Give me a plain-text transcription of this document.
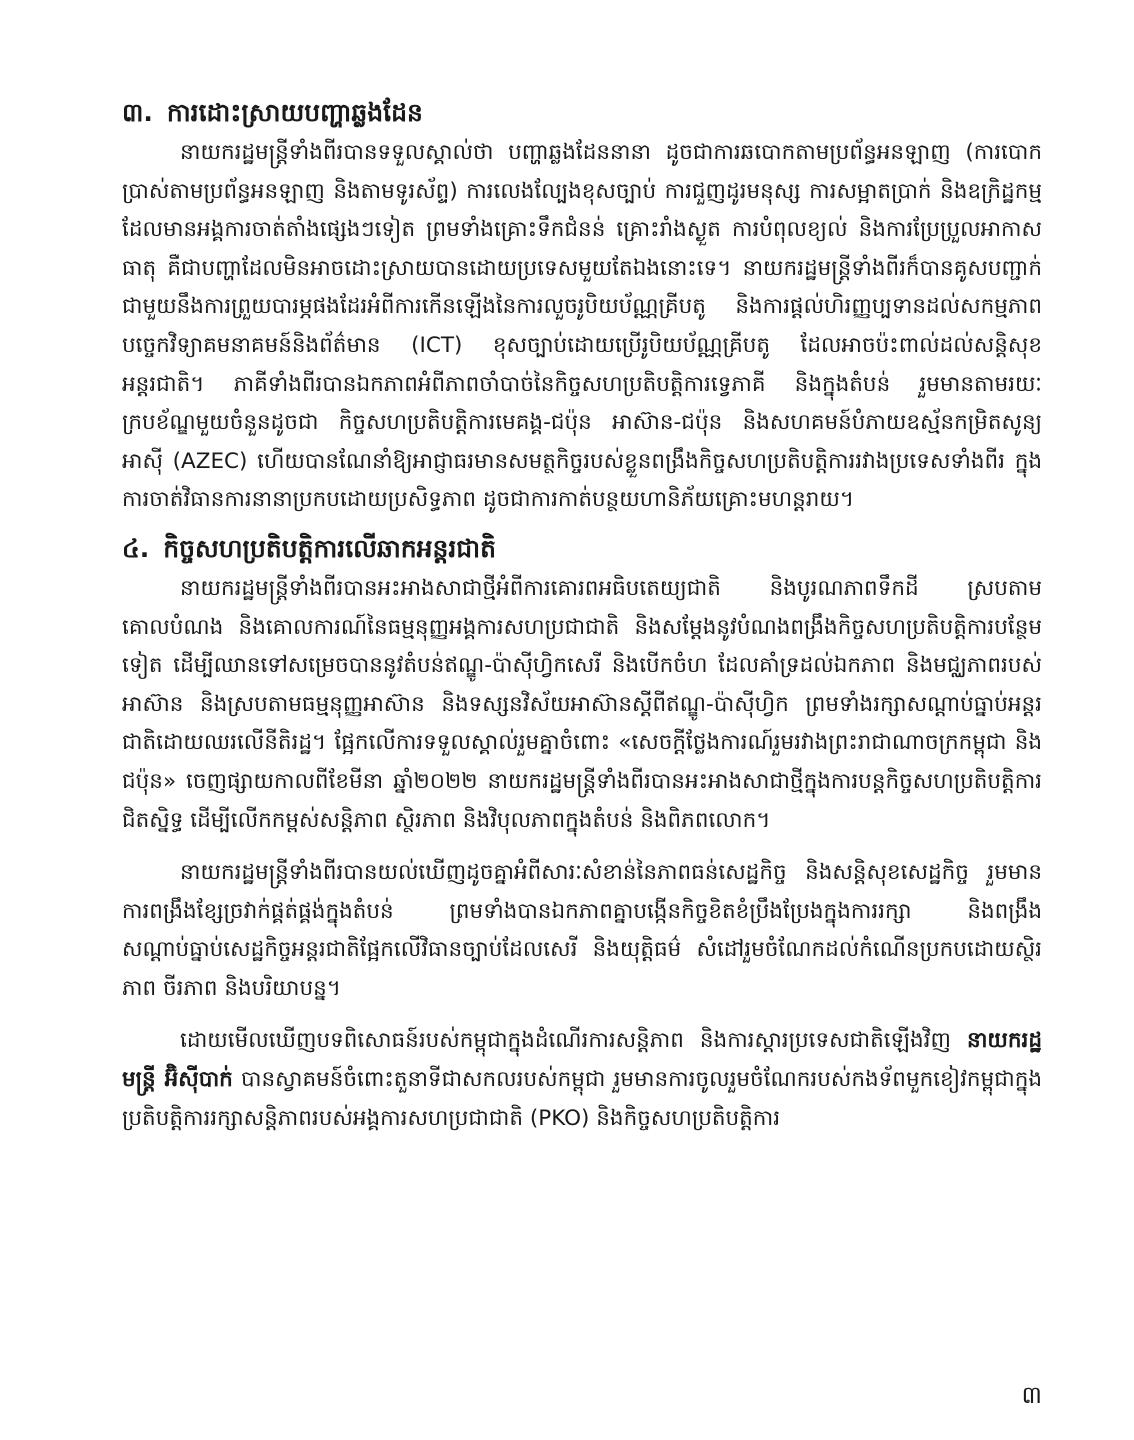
៣. ការដោះស្រាយបញ្ហាឆ្លងដែន

នាយករដ្ឋមន្ត្រីទាំងពីរបានទទួលស្គាល់ថា បញ្ហាឆ្លងដែននានា ដូចជាការឆបោកតាមប្រព័ន្ធអនឡាញ (ការបោកប្រាស់តាមប្រព័ន្ធអនឡាញ និងតាមទូរស័ព្ទ) ការលេងល្បែងខុសច្បាប់ ការជួញដូរមនុស្ស ការសម្អាតប្រាក់ និងឧក្រិដ្ឋកម្មដែលមានអង្គការចាត់តាំងផ្សេងៗទៀត ព្រមទាំងគ្រោះទឹកជំនន់ គ្រោះរាំងស្ងួត ការបំពុលខ្យល់ និងការប្រែប្រួលអាកាសធាតុ គឺជាបញ្ហាដែលមិនអាចដោះស្រាយបានដោយប្រទេសមួយតែឯងនោះទេ។ នាយករដ្ឋមន្ត្រីទាំងពីរក៏បានគូសបញ្ជាក់ជាមួយនឹងការព្រួយបារម្ភផងដែរអំពីការកើនឡើងនៃការលួចរូបិយប័ណ្ណគ្រីបតូ និងការផ្តល់ហិរញ្ញប្បទានដល់សកម្មភាពបច្ចេកវិទ្យាគមនាគមន៍និងព័ត៌មាន (ICT) ខុសច្បាប់ដោយប្រើរូបិយប័ណ្ណគ្រីបតូ ដែលអាចប៉ះពាល់ដល់សន្តិសុខអន្តរជាតិ។ ភាគីទាំងពីរបានឯកភាពអំពីភាពចាំបាច់នៃកិច្ចសហប្រតិបត្តិការទ្វេភាគី និងក្នុងតំបន់ រួមមានតាមរយៈក្របខ័ណ្ឌមួយចំនួនដូចជា កិច្ចសហប្រតិបត្តិការមេគង្គ-ជប៉ុន អាស៊ាន-ជប៉ុន និងសហគមន៍បំភាយឧស្ម័នកម្រិតសូន្យអាស៊ី (AZEC) ហើយបានណែនាំឱ្យអាជ្ញាធរមានសមត្ថកិច្ចរបស់ខ្លួនពង្រឹងកិច្ចសហប្រតិបត្តិការរវាងប្រទេសទាំងពីរ ក្នុងការចាត់វិធានការនានាប្រកបដោយប្រសិទ្ធភាព ដូចជាការកាត់បន្ថយហានិភ័យគ្រោះមហន្តរាយ។

៤. កិច្ចសហប្រតិបត្តិការលើឆាកអន្តរជាតិ

នាយករដ្ឋមន្ត្រីទាំងពីរបានអះអាងសាជាថ្មីអំពីការគោរពអធិបតេយ្យជាតិ និងបូរណភាពទឹកដី ស្របតាមគោលបំណង និងគោលការណ៍នៃធម្មនុញ្ញអង្គការសហប្រជាជាតិ និងសម្តែងនូវបំណងពង្រឹងកិច្ចសហប្រតិបត្តិការបន្ថែមទៀត ដើម្បីឈានទៅសម្រេចបាននូវតំបន់ឥណ្ឌូ-ប៉ាស៊ីហ្វិកសេរី និងបើកចំហ ដែលគាំទ្រដល់ឯកភាព និងមជ្ឈភាពរបស់អាស៊ាន និងស្របតាមធម្មនុញ្ញអាស៊ាន និងទស្សនវិស័យអាស៊ានស្តីពីឥណ្ឌូ-ប៉ាស៊ីហ្វិក ព្រមទាំងរក្សាសណ្តាប់ធ្នាប់អន្តរជាតិដោយឈរលើនីតិរដ្ឋ។ ផ្អែកលើការទទួលស្គាល់រួមគ្នាចំពោះ «សេចក្តីថ្លែងការណ៍រួមរវាងព្រះរាជាណាចក្រកម្ពុជា និងជប៉ុន» ចេញផ្សាយកាលពីខែមីនា ឆ្នាំ២០២២ នាយករដ្ឋមន្ត្រីទាំងពីរបានអះអាងសាជាថ្មីក្នុងការបន្តកិច្ចសហប្រតិបត្តិការជិតស្និទ្ធ ដើម្បីលើកកម្ពស់សន្តិភាព ស្ថិរភាព និងវិបុលភាពក្នុងតំបន់ និងពិភពលោក។

នាយករដ្ឋមន្ត្រីទាំងពីរបានយល់ឃើញដូចគ្នាអំពីសារៈសំខាន់នៃភាពធន់សេដ្ឋកិច្ច និងសន្តិសុខសេដ្ឋកិច្ច រួមមានការពង្រឹងខ្សែច្រវាក់ផ្គត់ផ្គង់ក្នុងតំបន់ ព្រមទាំងបានឯកភាពគ្នាបង្កើនកិច្ចខិតខំប្រឹងប្រែងក្នុងការរក្សា និងពង្រឹងសណ្តាប់ធ្នាប់សេដ្ឋកិច្ចអន្តរជាតិផ្អែកលើវិធានច្បាប់ដែលសេរី និងយុត្តិធម៌ សំដៅរួមចំណែកដល់កំណើនប្រកបដោយស្ថិរភាព ចីរភាព និងបរិយាបន្ន។

ដោយមើលឃើញបទពិសោធន៍របស់កម្ពុជាក្នុងដំណើរការសន្តិភាព និងការស្តារប្រទេសជាតិឡើងវិញ នាយករដ្ឋមន្ត្រី អ៊ិស៊ីបាក់ បានស្វាគមន៍ចំពោះតួនាទីជាសកលរបស់កម្ពុជា រួមមានការចូលរួមចំណែករបស់កងទ័ពមួកខៀវកម្ពុជាក្នុងប្រតិបត្តិការរក្សាសន្តិភាពរបស់អង្គការសហប្រជាជាតិ (PKO) និងកិច្ចសហប្រតិបត្តិការ

៣
